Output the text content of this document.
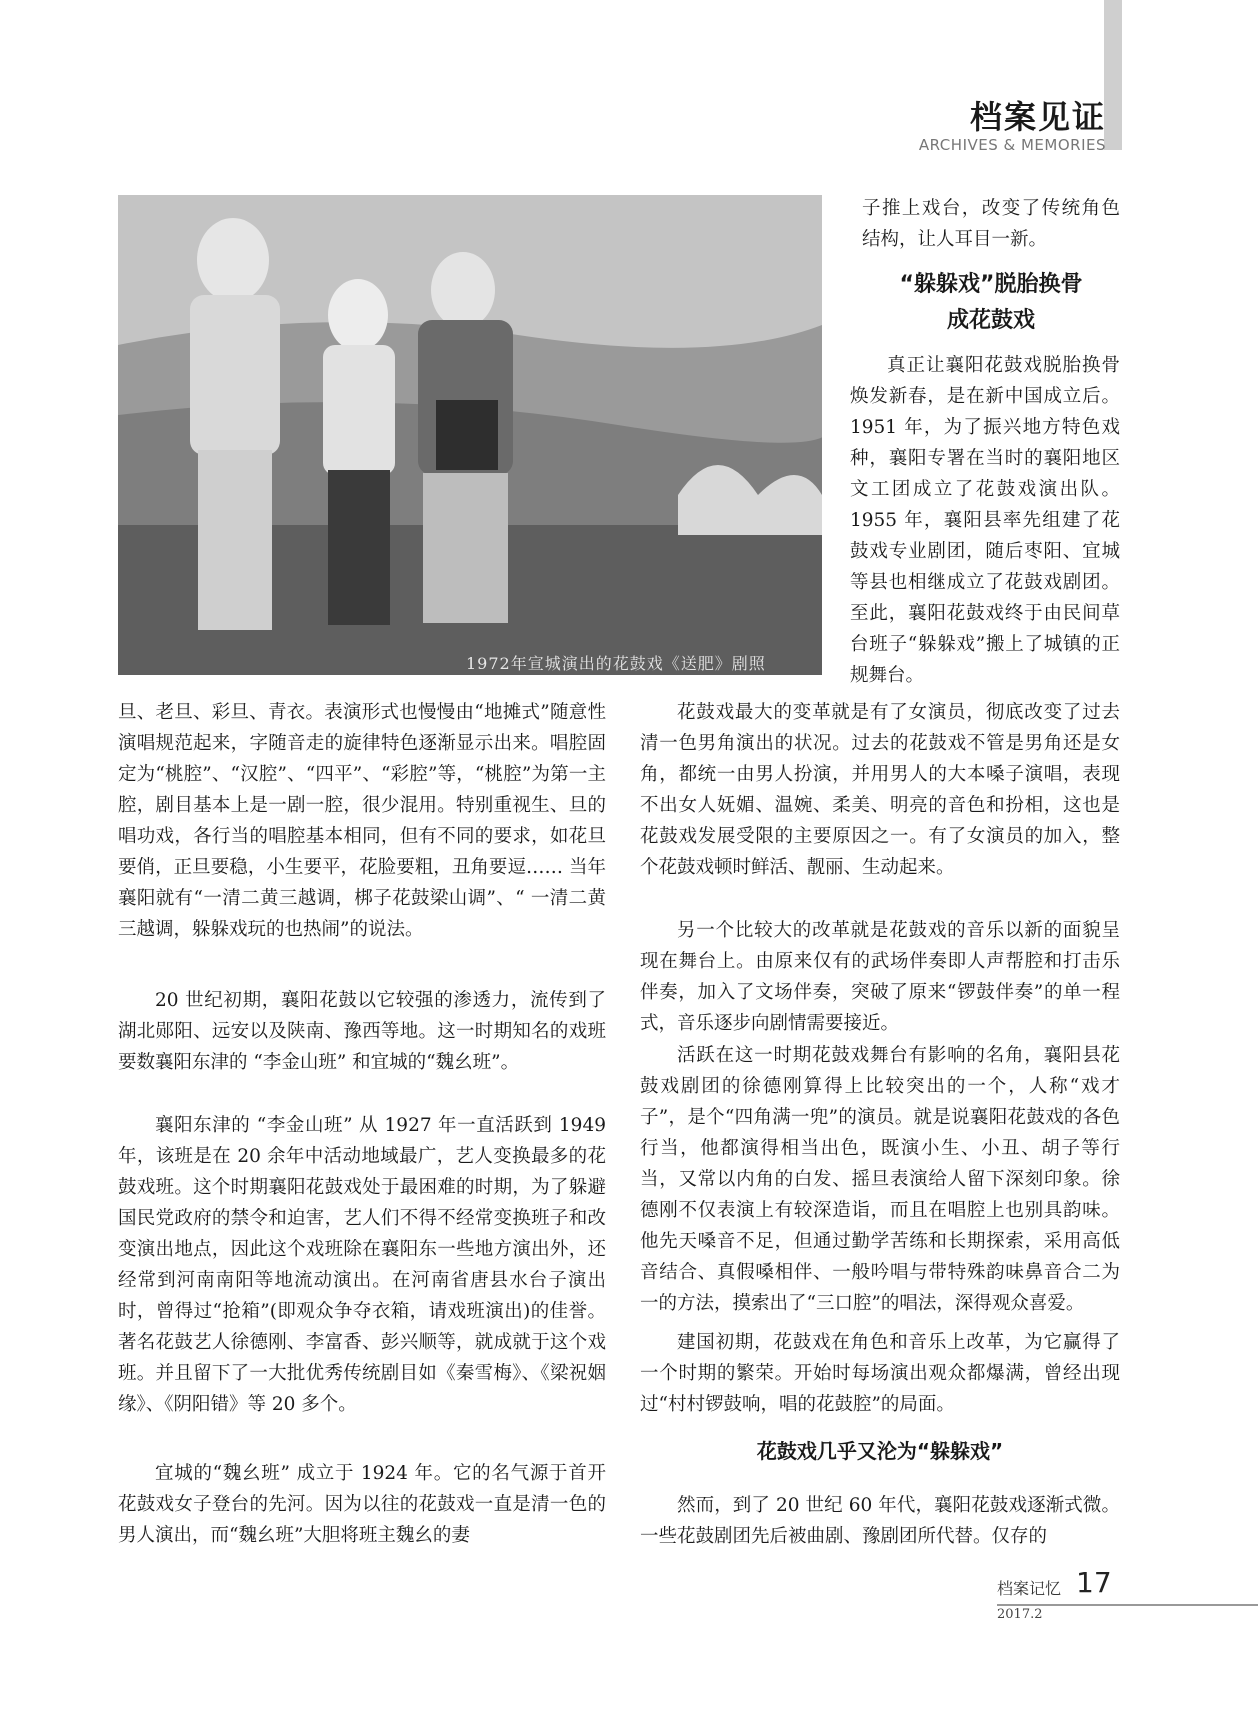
档案见证
ARCHIVES & MEMORIES
1972年宣城演出的花鼓戏《送肥》剧照

子推上戏台，改变了传统角色结构，让人耳目一新。

“躲躲戏”脱胎换骨
成花鼓戏

真正让襄阳花鼓戏脱胎换骨焕发新春，是在新中国成立后。1951 年，为了振兴地方特色戏种，襄阳专署在当时的襄阳地区文工团成立了花鼓戏演出队。1955 年，襄阳县率先组建了花鼓戏专业剧团，随后枣阳、宜城等县也相继成立了花鼓戏剧团。至此，襄阳花鼓戏终于由民间草台班子“躲躲戏”搬上了城镇的正规舞台。

旦、老旦、彩旦、青衣。表演形式也慢慢由“地摊式”随意性演唱规范起来，字随音走的旋律特色逐渐显示出来。唱腔固定为“桃腔”、“汉腔”、“四平”、“彩腔”等，“桃腔”为第一主腔，剧目基本上是一剧一腔，很少混用。特别重视生、旦的唱功戏，各行当的唱腔基本相同，但有不同的要求，如花旦要俏，正旦要稳，小生要平，花脸要粗，丑角要逗…… 当年襄阳就有“一清二黄三越调，梆子花鼓梁山调”、“ 一清二黄三越调，躲躲戏玩的也热闹”的说法。

20 世纪初期，襄阳花鼓以它较强的渗透力，流传到了湖北郧阳、远安以及陕南、豫西等地。这一时期知名的戏班要数襄阳东津的 “李金山班” 和宜城的“魏幺班”。

襄阳东津的 “李金山班” 从 1927 年一直活跃到 1949 年，该班是在 20 余年中活动地域最广，艺人变换最多的花鼓戏班。这个时期襄阳花鼓戏处于最困难的时期，为了躲避国民党政府的禁令和迫害，艺人们不得不经常变换班子和改变演出地点，因此这个戏班除在襄阳东一些地方演出外，还经常到河南南阳等地流动演出。在河南省唐县水台子演出时，曾得过“抢箱”(即观众争夺衣箱，请戏班演出)的佳誉。著名花鼓艺人徐德刚、李富香、彭兴顺等，就成就于这个戏班。并且留下了一大批优秀传统剧目如《秦雪梅》、《梁祝姻缘》、《阴阳错》等 20 多个。

宜城的“魏幺班” 成立于 1924 年。它的名气源于首开花鼓戏女子登台的先河。因为以往的花鼓戏一直是清一色的男人演出，而“魏幺班”大胆将班主魏幺的妻

花鼓戏最大的变革就是有了女演员，彻底改变了过去清一色男角演出的状况。过去的花鼓戏不管是男角还是女角，都统一由男人扮演，并用男人的大本嗓子演唱，表现不出女人妩媚、温婉、柔美、明亮的音色和扮相，这也是花鼓戏发展受限的主要原因之一。有了女演员的加入，整个花鼓戏顿时鲜活、靓丽、生动起来。

另一个比较大的改革就是花鼓戏的音乐以新的面貌呈现在舞台上。由原来仅有的武场伴奏即人声帮腔和打击乐伴奏，加入了文场伴奏，突破了原来“锣鼓伴奏”的单一程式，音乐逐步向剧情需要接近。

活跃在这一时期花鼓戏舞台有影响的名角，襄阳县花鼓戏剧团的徐德刚算得上比较突出的一个，人称“戏才子”，是个“四角满一兜”的演员。就是说襄阳花鼓戏的各色行当，他都演得相当出色，既演小生、小丑、胡子等行当，又常以内角的白发、摇旦表演给人留下深刻印象。徐德刚不仅表演上有较深造诣，而且在唱腔上也别具韵味。他先天嗓音不足，但通过勤学苦练和长期探索，采用高低音结合、真假嗓相伴、一般吟唱与带特殊韵味鼻音合二为一的方法，摸索出了“三口腔”的唱法，深得观众喜爱。

建国初期，花鼓戏在角色和音乐上改革，为它赢得了一个时期的繁荣。开始时每场演出观众都爆满，曾经出现过“村村锣鼓响，唱的花鼓腔”的局面。

花鼓戏几乎又沦为“躲躲戏”

然而，到了 20 世纪 60 年代，襄阳花鼓戏逐渐式微。一些花鼓剧团先后被曲剧、豫剧团所代替。仅存的

档案记忆 17
2017.2
